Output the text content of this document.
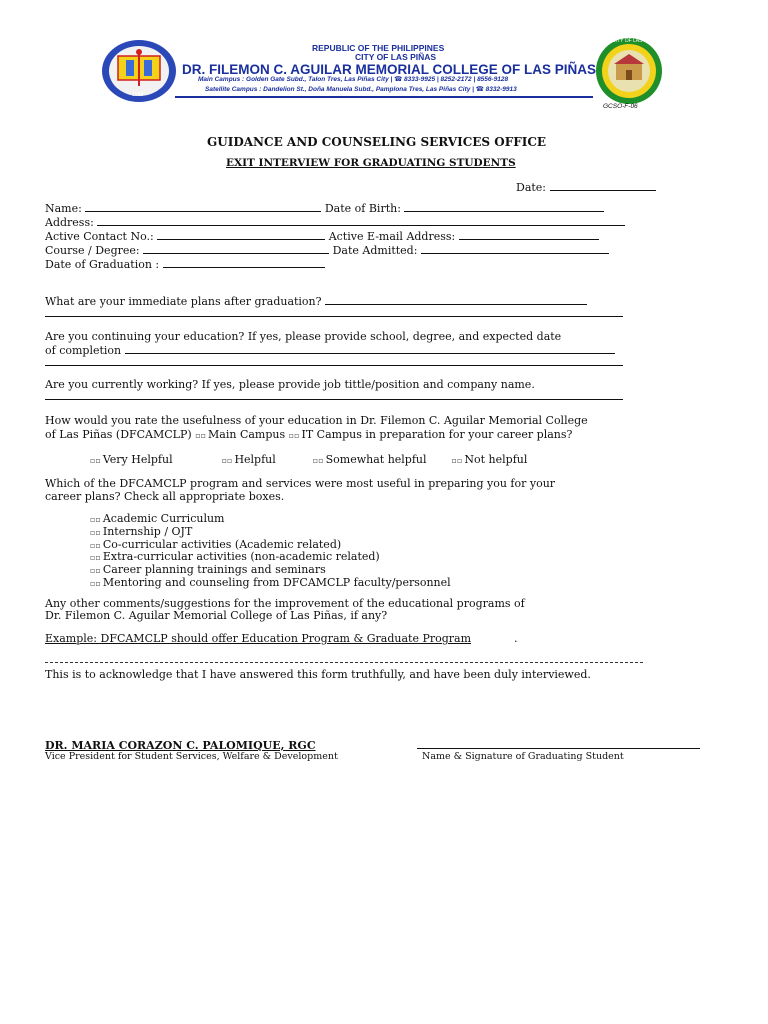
1998
REPUBLIC OF THE PHILIPPINES
CITY OF LAS PIÑAS
DR. FILEMON C. AGUILAR MEMORIAL COLLEGE OF LAS PIÑAS
Main Campus : Golden Gate Subd., Talon Tres, Las Piñas City | ☎ 8333-9925 | 8252-2172 | 8556-9128
Satellite Campus : Dandelion St., Doña Manuela Subd., Pamplona Tres, Las Piñas City | ☎ 8332-9913
CITY OF LAS PIÑAS
GCSO-F-06
GUIDANCE AND COUNSELING SERVICES OFFICE
EXIT INTERVIEW FOR GRADUATING STUDENTS
Date:
Name:	Date of Birth:
Address:
Active Contact No.:	Active E-mail Address:
Course / Degree:	Date Admitted:
Date of Graduation :
What are your immediate plans after graduation?
Are you continuing your education? If yes, please provide school, degree, and expected date
of completion
Are you currently working? If yes, please provide job tittle/position and company name.
How would you rate the usefulness of your education in Dr. Filemon C. Aguilar Memorial College
of Las Piñas (DFCAMCLP) ▫▫ Main Campus ▫▫ IT Campus in preparation for your career plans?
▫▫ Very Helpful	▫▫ Helpful	▫▫ Somewhat helpful	▫▫ Not helpful
Which of the DFCAMCLP program and services were most useful in preparing you for your
career plans? Check all appropriate boxes.
▫▫ Academic Curriculum
▫▫ Internship / OJT
▫▫ Co-curricular activities (Academic related)
▫▫ Extra-curricular activities (non-academic related)
▫▫ Career planning trainings and seminars
▫▫ Mentoring and counseling from DFCAMCLP faculty/personnel
Any other comments/suggestions for the improvement of the educational programs of
Dr. Filemon C. Aguilar Memorial College of Las Piñas, if any?
Example: DFCAMCLP should offer Education Program & Graduate Program	.
This is to acknowledge that I have answered this form truthfully, and have been duly interviewed.
DR. MARIA CORAZON C. PALOMIQUE, RGC
Vice President for Student Services, Welfare & Development	Name & Signature of Graduating Student
